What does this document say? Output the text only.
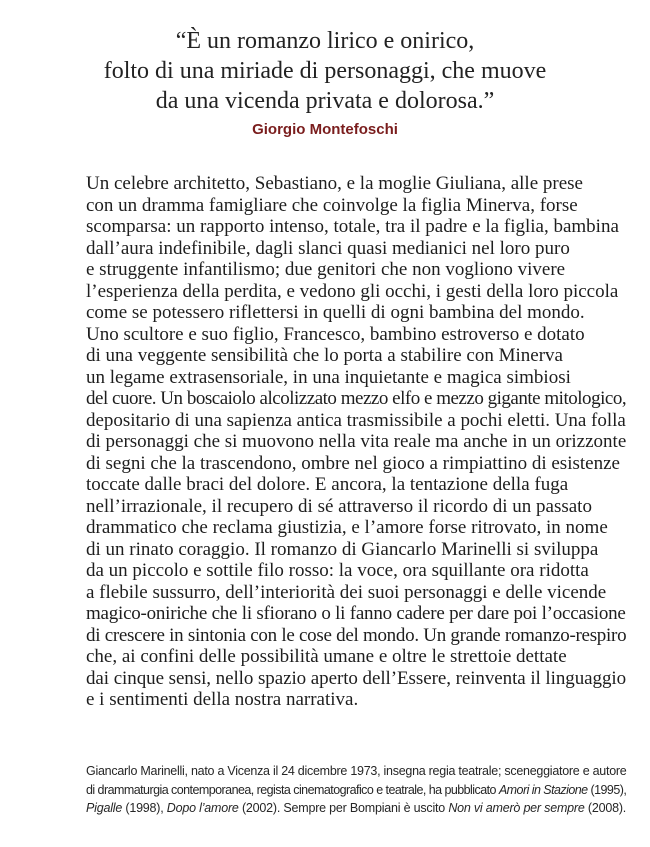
“È un romanzo lirico e onirico,
folto di una miriade di personaggi, che muove
da una vicenda privata e dolorosa.”
Giorgio Montefoschi
Un celebre architetto, Sebastiano, e la moglie Giuliana, alle prese
con un dramma famigliare che coinvolge la figlia Minerva, forse
scomparsa: un rapporto intenso, totale, tra il padre e la figlia, bambina
dall’aura indefinibile, dagli slanci quasi medianici nel loro puro
e struggente infantilismo; due genitori che non vogliono vivere
l’esperienza della perdita, e vedono gli occhi, i gesti della loro piccola
come se potessero riflettersi in quelli di ogni bambina del mondo.
Uno scultore e suo figlio, Francesco, bambino estroverso e dotato
di una veggente sensibilità che lo porta a stabilire con Minerva
un legame extrasensoriale, in una inquietante e magica simbiosi
del cuore. Un boscaiolo alcolizzato mezzo elfo e mezzo gigante mitologico,
depositario di una sapienza antica trasmissibile a pochi eletti. Una folla
di personaggi che si muovono nella vita reale ma anche in un orizzonte
di segni che la trascendono, ombre nel gioco a rimpiattino di esistenze
toccate dalle braci del dolore. E ancora, la tentazione della fuga
nell’irrazionale, il recupero di sé attraverso il ricordo di un passato
drammatico che reclama giustizia, e l’amore forse ritrovato, in nome
di un rinato coraggio. Il romanzo di Giancarlo Marinelli si sviluppa
da un piccolo e sottile filo rosso: la voce, ora squillante ora ridotta
a flebile sussurro, dell’interiorità dei suoi personaggi e delle vicende
magico-oniriche che li sfiorano o li fanno cadere per dare poi l’occasione
di crescere in sintonia con le cose del mondo. Un grande romanzo-respiro
che, ai confini delle possibilità umane e oltre le strettoie dettate
dai cinque sensi, nello spazio aperto dell’Essere, reinventa il linguaggio
e i sentimenti della nostra narrativa.
Giancarlo Marinelli, nato a Vicenza il 24 dicembre 1973, insegna regia teatrale; sceneggiatore e autore
di drammaturgia contemporanea, regista cinematografico e teatrale, ha pubblicato Amori in Stazione (1995),
Pigalle (1998), Dopo l’amore (2002). Sempre per Bompiani è uscito Non vi amerò per sempre (2008).
